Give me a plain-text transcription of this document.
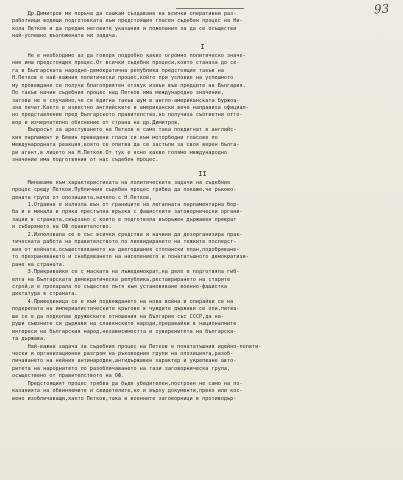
93

Др.Димитров ми поръча да сашкам създаване на всички оперативни раз-
работници водещи подготовката към предстоящия гласен съдебен процес на Ни-
кола Петков и да предам неговите указания и пожелания за да се осъществи
най-успешно възложената ни задача.

I

Не е необходимо аз да говоря подробно какво огромно политическо значе-
ние има предстоящия процес.От всички съдебни процеси,които станаха до се-
га в Българската народно-демократична република предстоящия такъв на
Н.Петков е най-важния политически процес,който при условие на успешното
му провеждане се получи благоприятен отзвук извън във предците на България.
По такъв начин съдебния процес над Петков има международно значение,
затова не е случайно,че се вдигна такъв шум в англо-американската буржоа-
зна печат.Както е известно английските и американски вече направиха официал-
но представление пред българското правителство,но получиха съответни отго-
вор и изчерпателно обяснение от страна на др.Димитров.
Въпросът за арестуването на Петков е само така повдигнат в английс-
кия парламент и Бевин преведени гласи си към моторбодни гласове по
международната реакция,която се опитва да се застъпи за своя верен бълга-
ри агент,в лицето на Н.Петков.От тук е ясно какво голямо международно
значение има подготвяния от нас съдебен процес.

II

Минаваме към характеристиката на политическите задачи на съдебния
процес срещу Петков.Публичния съдебен процес трябва да покаже,че ръково-
дената група от опозицията,начело с Н.Петков,

1.Отдавна е излязла вън от границите на легалната парламентарна бор-
ба и е минала в пряка престъпна връзка с фашистките заговорнически органи-
зации в страната,свързано с които е подготвяла въоръжен държавен преврат
и събарянето на ОФ правителство.

2.Използвала се е със всички средства и начини да дезорганизира прак-
тическата работа на правителството по ликвидирането на тежките последст-
вия от войната,осъществяването на двегодишния стопански план,подобряване-
то прехраняването и снабдяването на населението и понататъшното демократизи-
ране на страната.

3.Прикривайки се с маската на лъжедемократ,на дело е подготвяла гиб-
елта на Българската демократическа република,реставрирането на старите
строй,и е прокарала по същество пътя към установяване военно-фашистка
диктатура в страната.

4.Привединица се е към подвеждането на нова война и опирайки се на
подкрепата на империалистическите кръгове в чуждите държави се опи,питва-
ше се е да подкопае дружеските отношения на България със СССР,да на-
руши съюзните си държави на славянските народи,предавайки в националните
интереси на българския народ,независимостта и суверенитета на българска-
та държава.

Най-важна задача за съдебния процес на Петков е понататъшния идейно-полити-
чески и организационен разгром на ръководния групи на опозицията,разоб-
личаването на нейния антинароден,антидържавен характер и укрепване авто-
ритета на народнитето по разобличаването на тази заговорническа група,
осъществено от правителството на ОФ.

Предстоящият процес трябва да бъде убедителен,построен не само на по-
казанията на обвиняемите и свидетелите,но и върху документи,преко или кос-
вено изобличаващи,както Петков,така и военните заговорници в противодър-
